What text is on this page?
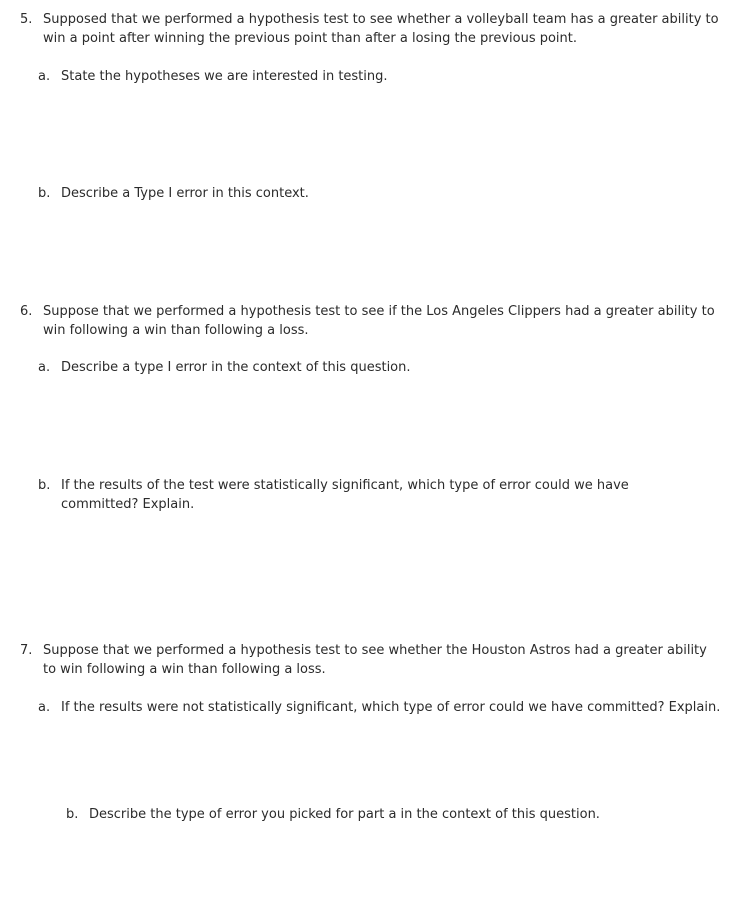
5. Supposed that we performed a hypothesis test to see whether a volleyball team has a greater ability to win a point after winning the previous point than after a losing the previous point.
a. State the hypotheses we are interested in testing.
b. Describe a Type I error in this context.
6. Suppose that we performed a hypothesis test to see if the Los Angeles Clippers had a greater ability to win following a win than following a loss.
a. Describe a type I error in the context of this question.
b. If the results of the test were statistically significant, which type of error could we have committed? Explain.
7. Suppose that we performed a hypothesis test to see whether the Houston Astros had a greater ability to win following a win than following a loss.
a. If the results were not statistically significant, which type of error could we have committed? Explain.
b. Describe the type of error you picked for part a in the context of this question.
